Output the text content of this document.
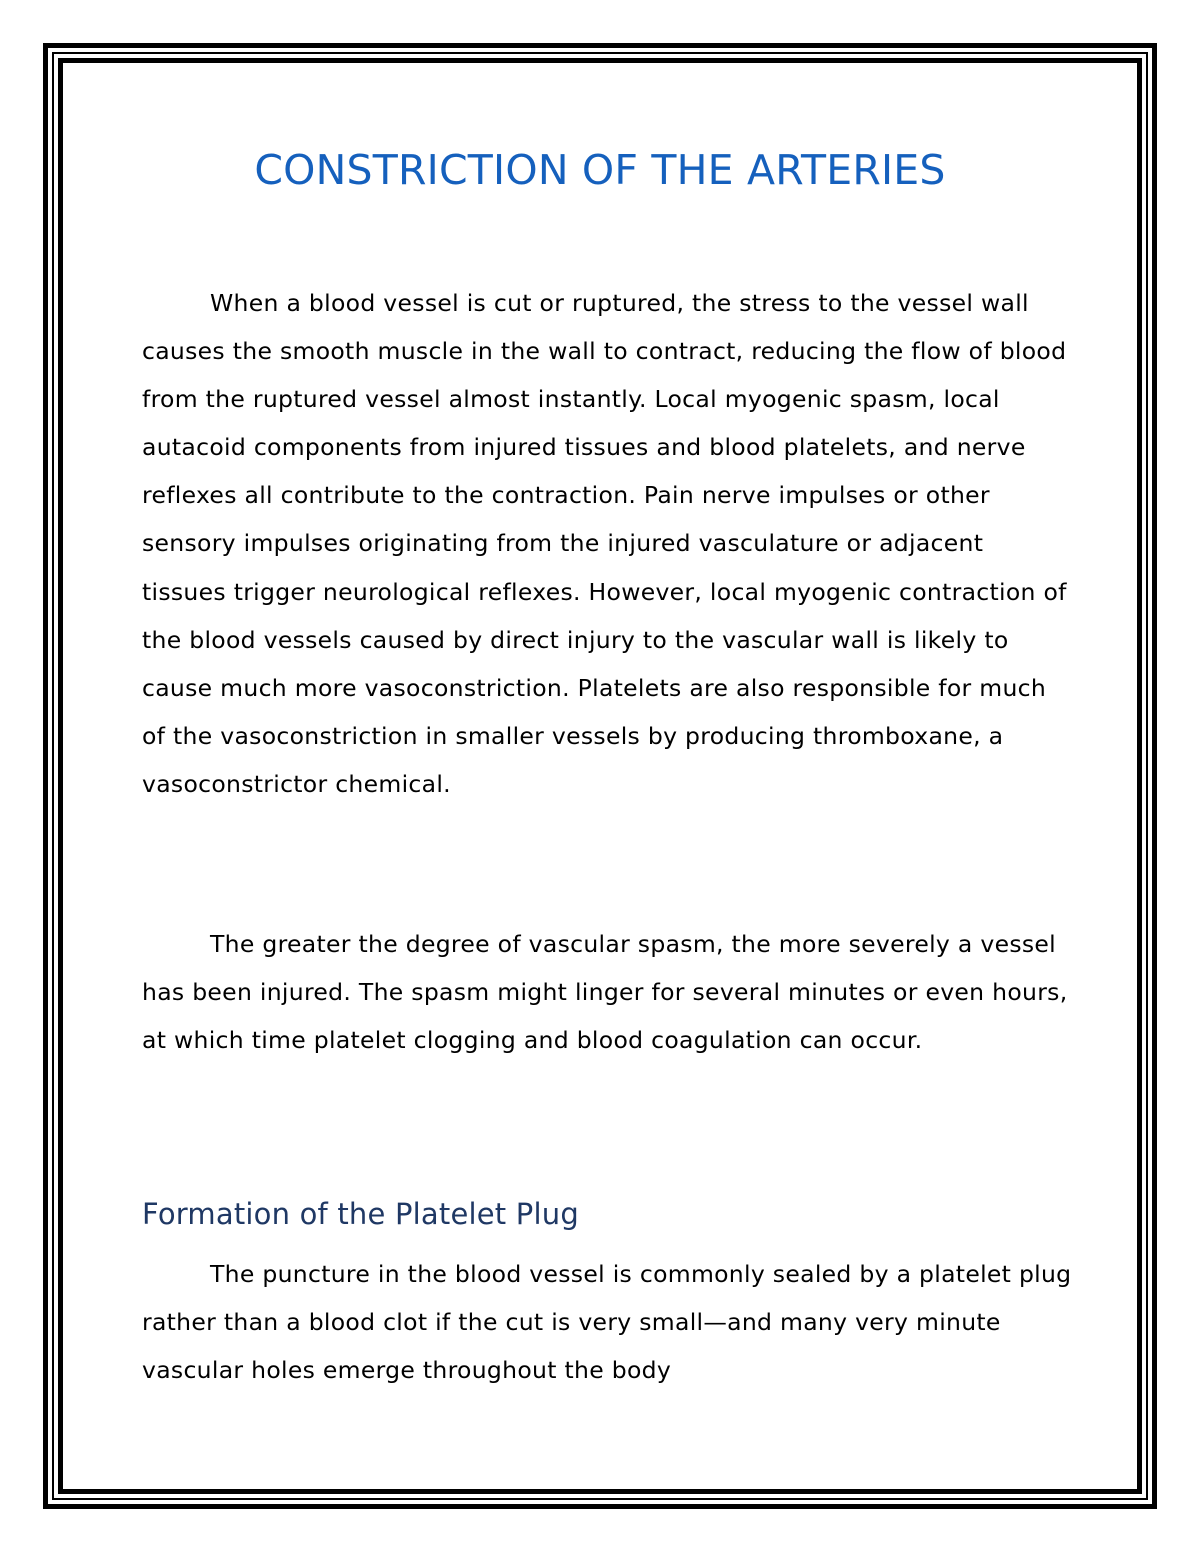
CONSTRICTION OF THE ARTERIES

When a blood vessel is cut or ruptured, the stress to the vessel wall causes the smooth muscle in the wall to contract, reducing the flow of blood from the ruptured vessel almost instantly. Local myogenic spasm, local autacoid components from injured tissues and blood platelets, and nerve reflexes all contribute to the contraction. Pain nerve impulses or other sensory impulses originating from the injured vasculature or adjacent tissues trigger neurological reflexes. However, local myogenic contraction of the blood vessels caused by direct injury to the vascular wall is likely to cause much more vasoconstriction. Platelets are also responsible for much of the vasoconstriction in smaller vessels by producing thromboxane, a vasoconstrictor chemical.

The greater the degree of vascular spasm, the more severely a vessel has been injured. The spasm might linger for several minutes or even hours, at which time platelet clogging and blood coagulation can occur.

Formation of the Platelet Plug

The puncture in the blood vessel is commonly sealed by a platelet plug rather than a blood clot if the cut is very small—and many very minute vascular holes emerge throughout the body
